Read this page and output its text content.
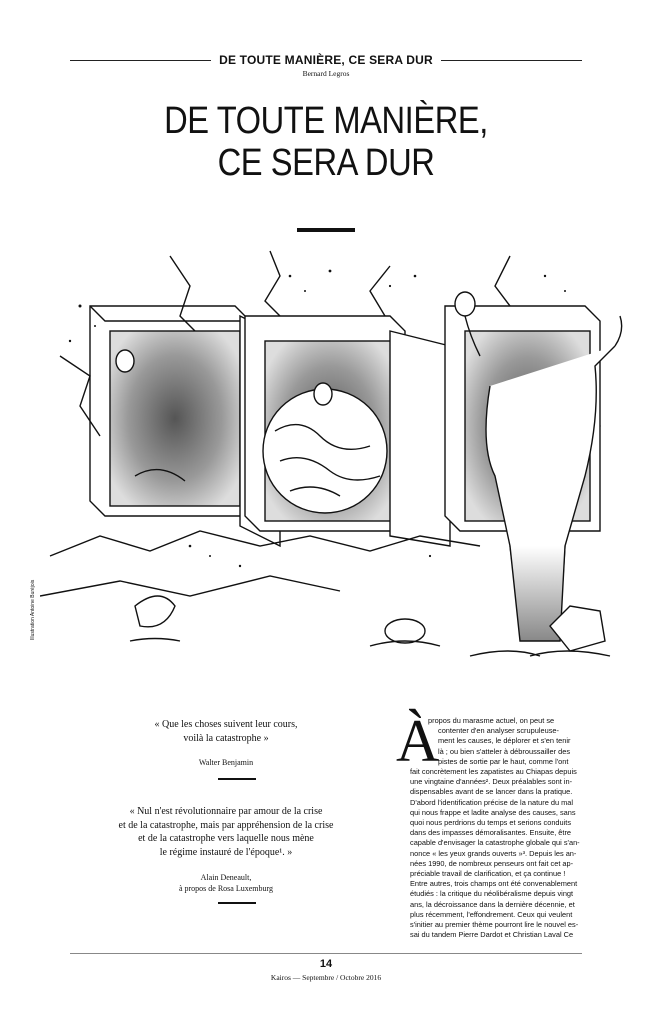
DE TOUTE MANIÈRE, CE SERA DUR
Bernard Legros
DE TOUTE MANIÈRE,
CE SERA DUR
Illustration Antoine Buréjois
« Que les choses suivent leur cours,
voilà la catastrophe »
Walter Benjamin
« Nul n'est révolutionnaire par amour de la crise
et de la catastrophe, mais par appréhension de la crise
et de la catastrophe vers laquelle nous mène
le régime instauré de l'époque¹. »
Alain Deneault,
à propos de Rosa Luxemburg
À
propos du marasme actuel, on peut se
contenter d'en analyser scrupuleuse-
ment les causes, le déplorer et s'en tenir
là ; ou bien s'atteler à débroussailler des
pistes de sortie par le haut, comme l'ont
fait concrètement les zapatistes au Chiapas depuis
une vingtaine d'années². Deux préalables sont in-
dispensables avant de se lancer dans la pratique.
D'abord l'identification précise de la nature du mal
qui nous frappe et ladite analyse des causes, sans
quoi nous perdrions du temps et serions conduits
dans des impasses démoralisantes. Ensuite, être
capable d'envisager la catastrophe globale qui s'an-
nonce « les yeux grands ouverts »³. Depuis les an-
nées 1990, de nombreux penseurs ont fait cet ap-
préciable travail de clarification, et ça continue !
Entre autres, trois champs ont été convenablement
étudiés : la critique du néolibéralisme depuis vingt
ans, la décroissance dans la dernière décennie, et
plus récemment, l'effondrement. Ceux qui veulent
s'initier au premier thème pourront lire le nouvel es-
sai du tandem Pierre Dardot et Christian Laval Ce
14
Kairos — Septembre / Octobre 2016
